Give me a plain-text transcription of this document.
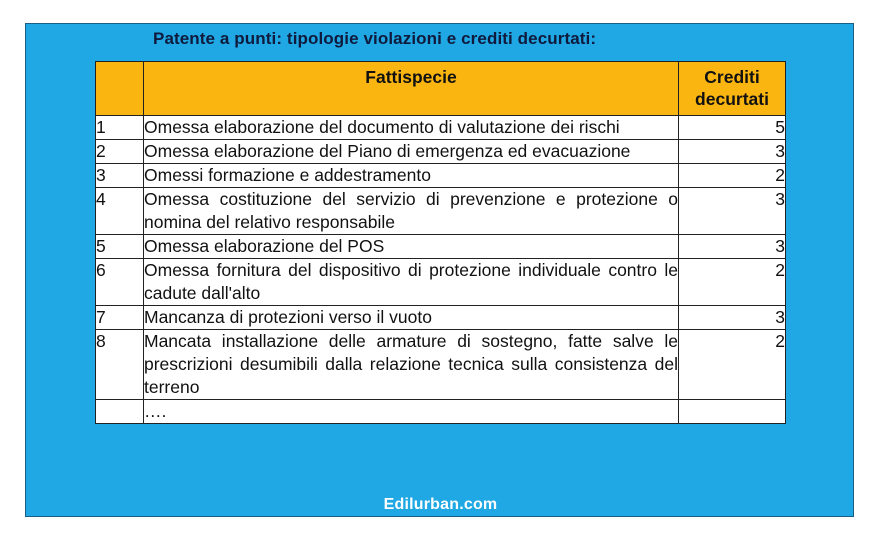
Patente a punti: tipologie violazioni e crediti decurtati:
	Fattispecie	Crediti
decurtati
1	Omessa elaborazione del documento di valutazione dei rischi	5
2	Omessa elaborazione del Piano di emergenza ed evacuazione	3
3	Omessi formazione e addestramento	2
4	Omessa costituzione del servizio di prevenzione e protezione o nomina del relativo responsabile	3
5	Omessa elaborazione del POS	3
6	Omessa fornitura del dispositivo di protezione individuale contro le cadute dall'alto	2
7	Mancanza di protezioni verso il vuoto	3
8	Mancata installazione delle armature di sostegno, fatte salve le prescrizioni desumibili dalla relazione tecnica sulla consistenza del terreno	2
	….	
Edilurban.com
